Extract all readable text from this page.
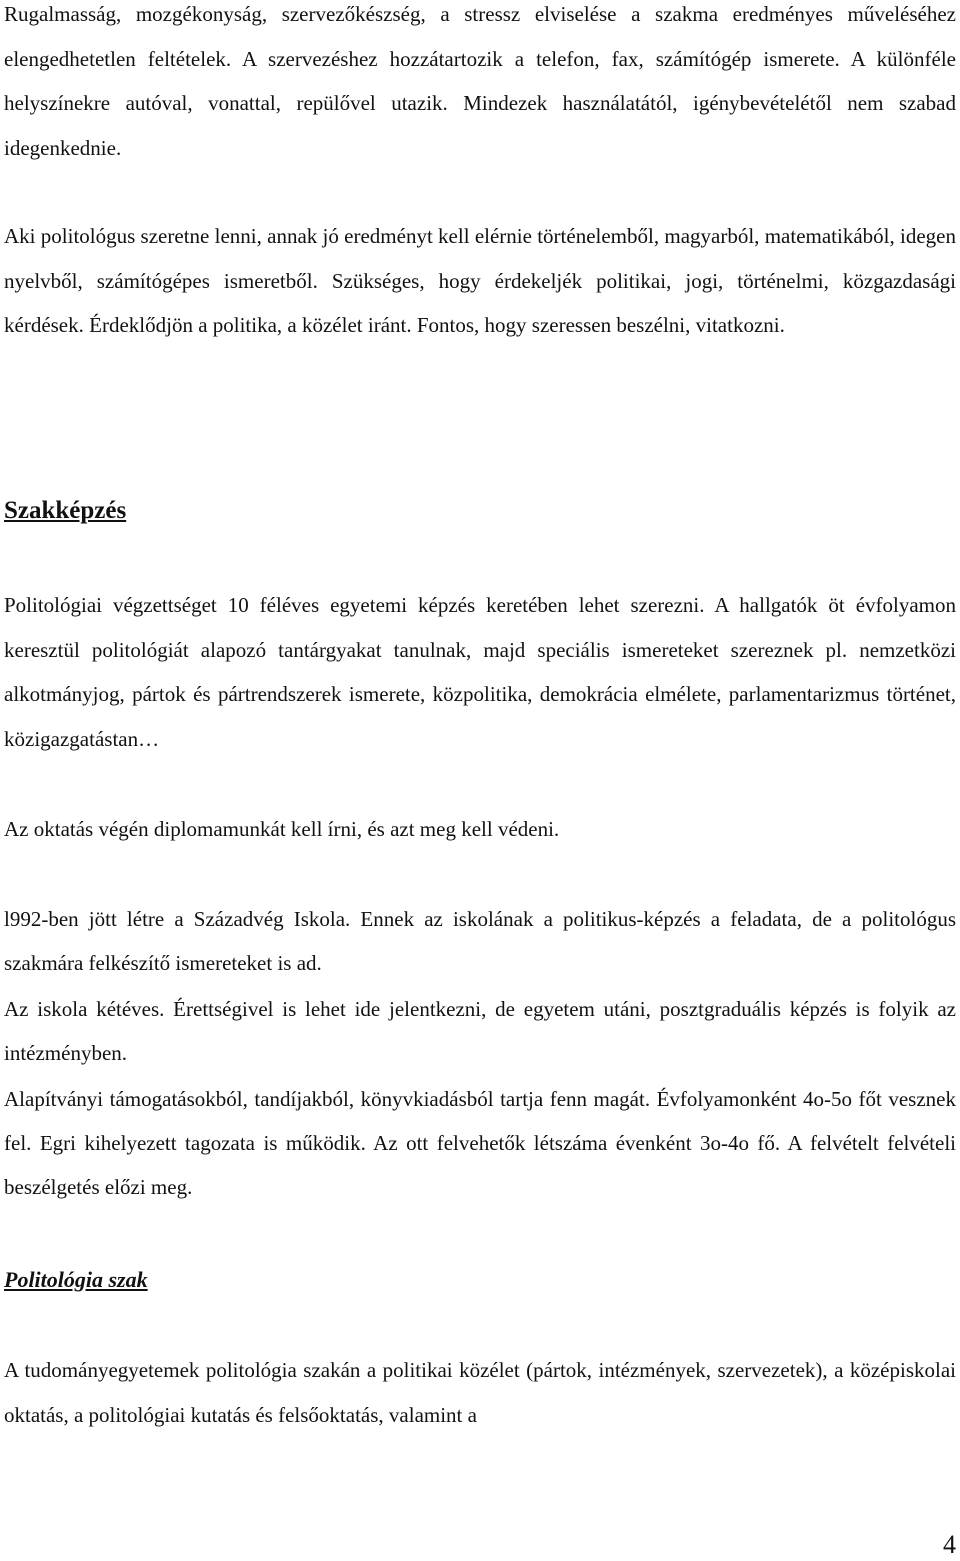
Rugalmasság, mozgékonyság, szervezőkészség, a stressz elviselése a szakma eredményes műveléséhez elengedhetetlen feltételek. A szervezéshez hozzátartozik a telefon, fax, számítógép ismerete. A különféle helyszínekre autóval, vonattal, repülővel utazik. Mindezek használatától, igénybevételétől nem szabad idegenkednie.

Aki politológus szeretne lenni, annak jó eredményt kell elérnie történelemből, magyarból, matematikából, idegen nyelvből, számítógépes ismeretből. Szükséges, hogy érdekeljék politikai, jogi, történelmi, közgazdasági kérdések. Érdeklődjön a politika, a közélet iránt. Fontos, hogy szeressen beszélni, vitatkozni.

Szakképzés

Politológiai végzettséget 10 féléves egyetemi képzés keretében lehet szerezni. A hallgatók öt évfolyamon keresztül politológiát alapozó tantárgyakat tanulnak, majd speciális ismereteket szereznek pl. nemzetközi alkotmányjog, pártok és pártrendszerek ismerete, közpolitika, demokrácia elmélete, parlamentarizmus történet, közigazgatástan…

Az oktatás végén diplomamunkát kell írni, és azt meg kell védeni.

l992-ben jött létre a Századvég Iskola. Ennek az iskolának a politikus-képzés a feladata, de a politológus szakmára felkészítő ismereteket is ad.

Az iskola kétéves. Érettségivel is lehet ide jelentkezni, de egyetem utáni, posztgraduális képzés is folyik az intézményben.

Alapítványi támogatásokból, tandíjakból, könyvkiadásból tartja fenn magát. Évfolyamonként 4o-5o főt vesznek fel. Egri kihelyezett tagozata is működik. Az ott felvehetők létszáma évenként 3o-4o fő. A felvételt felvételi beszélgetés előzi meg.

Politológia szak

A tudományegyetemek politológia szakán a politikai közélet (pártok, intézmények, szervezetek), a középiskolai oktatás, a politológiai kutatás és felsőoktatás, valamint a

4
